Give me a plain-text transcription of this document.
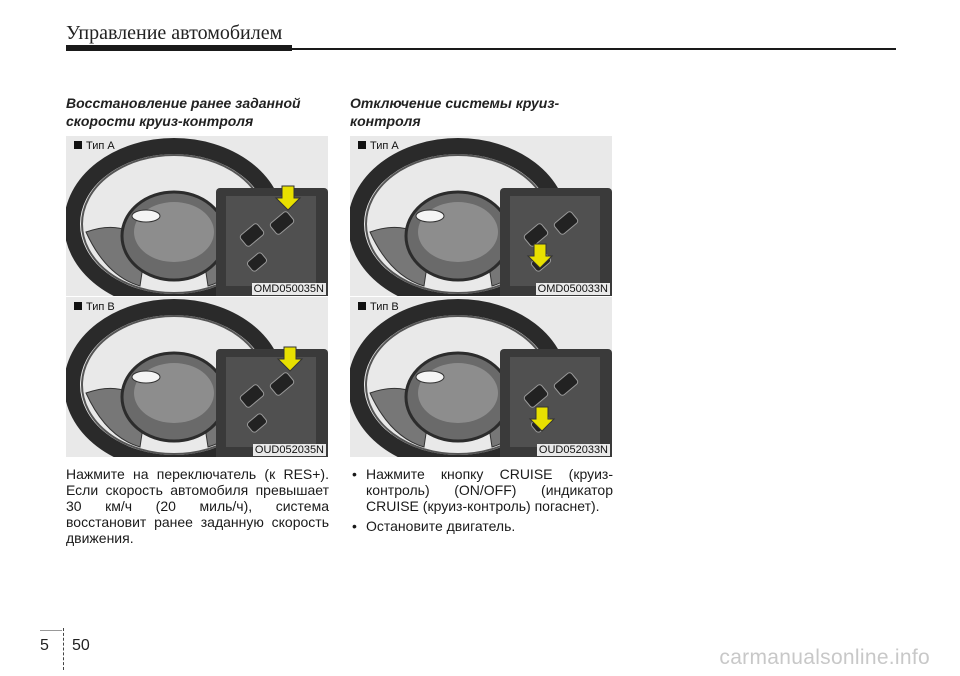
Управление автомобилем
Восстановление ранее заданной
скорости круиз-контроля
Тип A
OMD050035N
Тип B
OUD052035N
Нажмите на переключатель (к RES+). Если скорость автомобиля превышает 30 км/ч (20 миль/ч), система восстановит ранее заданную скорость движения.
Отключение системы круиз-
контроля
Тип A
OMD050033N
Тип B
OUD052033N
• Нажмите кнопку CRUISE (круиз-контроль) (ON/OFF) (индикатор CRUISE (круиз-контроль) погаснет).
• Остановите двигатель.
5 50
carmanualsonline.info
